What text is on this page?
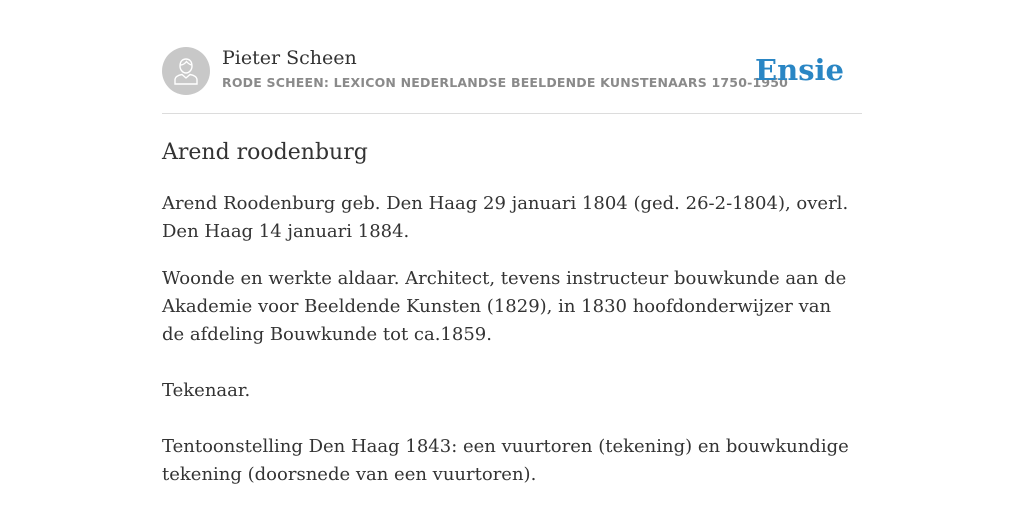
Pieter Scheen
RODE SCHEEN: LEXICON NEDERLANDSE BEELDENDE KUNSTENAARS 1750-1950
Ensie
Arend roodenburg

Arend Roodenburg geb. Den Haag 29 januari 1804 (ged. 26-2-1804), overl. Den Haag 14 januari 1884.

Woonde en werkte aldaar. Architect, tevens instructeur bouwkunde aan de Akademie voor Beeldende Kunsten (1829), in 1830 hoofdonderwijzer van de afdeling Bouwkunde tot ca.1859.

Tekenaar.

Tentoonstelling Den Haag 1843: een vuurtoren (tekening) en bouwkundige tekening (doorsnede van een vuurtoren).
